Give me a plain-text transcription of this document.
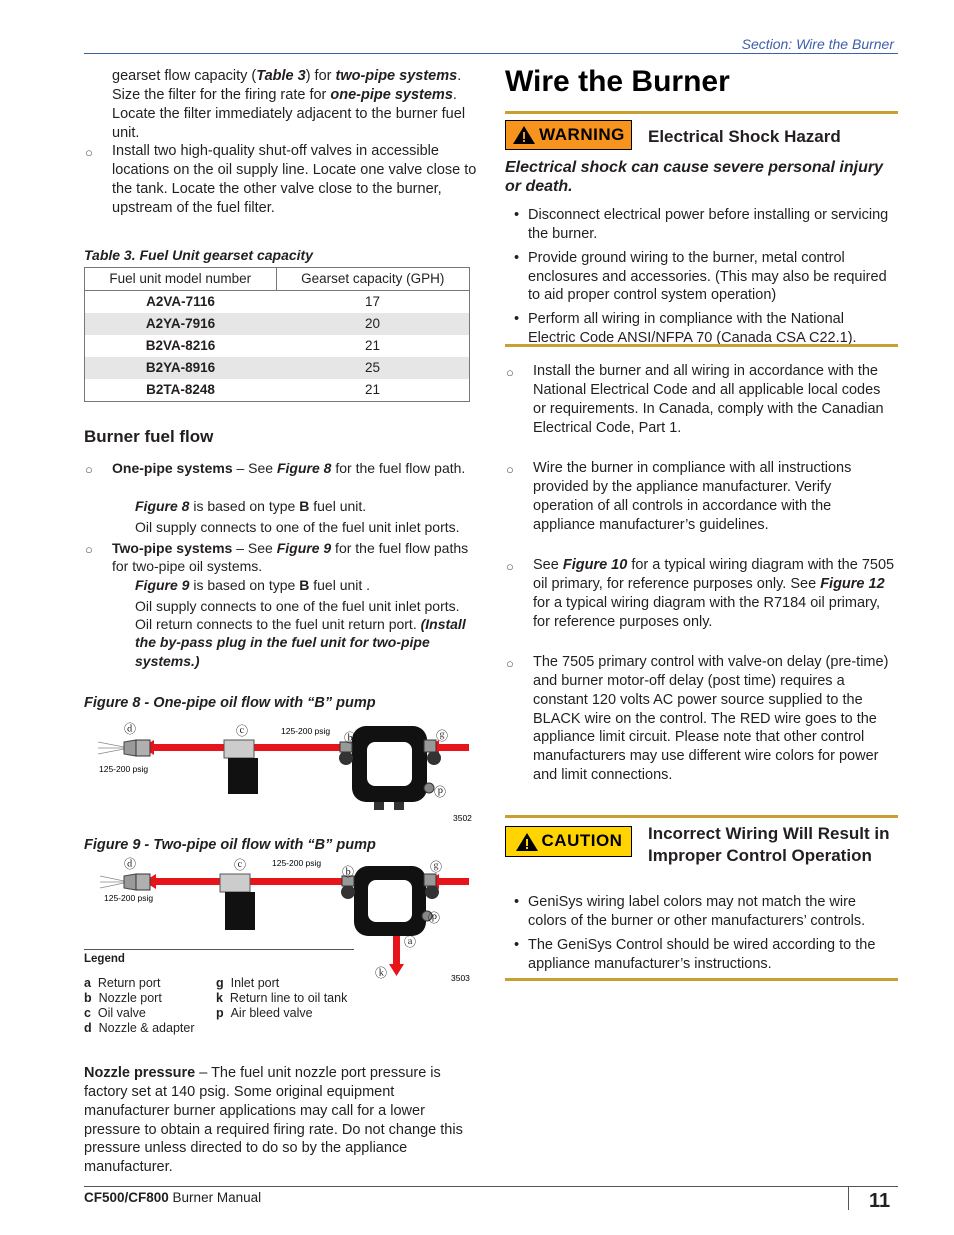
Section: Wire the Burner
gearset flow capacity (Table 3) for two-pipe systems. Size the filter for the firing rate for one-pipe systems. Locate the filter immediately adjacent to the burner fuel unit.
○ Install two high-quality shut-off valves in accessible locations on the oil supply line. Locate one valve close to the tank. Locate the other valve close to the burner, upstream of the fuel filter.
Table 3. Fuel Unit gearset capacity
Fuel unit model number	Gearset capacity (GPH)
A2VA-7116	17
A2YA-7916	20
B2VA-8216	21
B2YA-8916	25
B2TA-8248	21
Burner fuel flow
○ One-pipe systems – See Figure 8 for the fuel flow path.
Figure 8 is based on type B fuel unit.
Oil supply connects to one of the fuel unit inlet ports.
○ Two-pipe systems – See Figure 9 for the fuel flow paths for two-pipe oil systems.
Figure 9 is based on type B fuel unit .
Oil supply connects to one of the fuel unit inlet ports. Oil return connects to the fuel unit return port. (Install the by-pass plug in the fuel unit for two-pipe systems.)
Figure 8 - One-pipe oil flow with “B” pump
ⓓ	ⓒ	ⓑ	ⓖ
ⓟ
125-200 psig
125-200 psig
3502
Figure 9 - Two-pipe oil flow with “B” pump
ⓓ	ⓒ	ⓑ	ⓖ
ⓟ
ⓐ
ⓚ
125-200 psig
125-200 psig
3503
Legend
a Return port
b Nozzle port
c Oil valve
d Nozzle & adapter
g Inlet port
k Return line to oil tank
p Air bleed valve
Nozzle pressure – The fuel unit nozzle port pressure is factory set at 140 psig. Some original equipment manufacturer burner applications may call for a lower pressure to obtain a required firing rate. Do not change this pressure unless directed to do so by the appliance manufacturer.
Wire the Burner
WARNING Electrical Shock Hazard
Electrical shock can cause severe personal injury or death.
• Disconnect electrical power before installing or servicing the burner.
• Provide ground wiring to the burner, metal control enclosures and accessories. (This may also be required to aid proper control system operation)
• Perform all wiring in compliance with the National Electric Code ANSI/NFPA 70 (Canada CSA C22.1).
○ Install the burner and all wiring in accordance with the National Electrical Code and all applicable local codes or requirements. In Canada, comply with the Canadian Electrical Code, Part 1.
○ Wire the burner in compliance with all instructions provided by the appliance manufacturer. Verify operation of all controls in accordance with the appliance manufacturer’s guidelines.
○ See Figure 10 for a typical wiring diagram with the 7505 oil primary, for reference purposes only. See Figure 12 for a typical wiring diagram with the R7184 oil primary, for reference purposes only.
○ The 7505 primary control with valve-on delay (pre-time) and burner motor-off delay (post time) requires a constant 120 volts AC power source supplied to the BLACK wire on the control. The RED wire goes to the appliance limit circuit. Please note that other control manufacturers may use different wire colors for power and limit connections.
CAUTION Incorrect Wiring Will Result in Improper Control Operation
• GeniSys wiring label colors may not match the wire colors of the burner or other manufacturers’ controls.
• The GeniSys Control should be wired according to the appliance manufacturer’s instructions.
CF500/CF800 Burner Manual	11
